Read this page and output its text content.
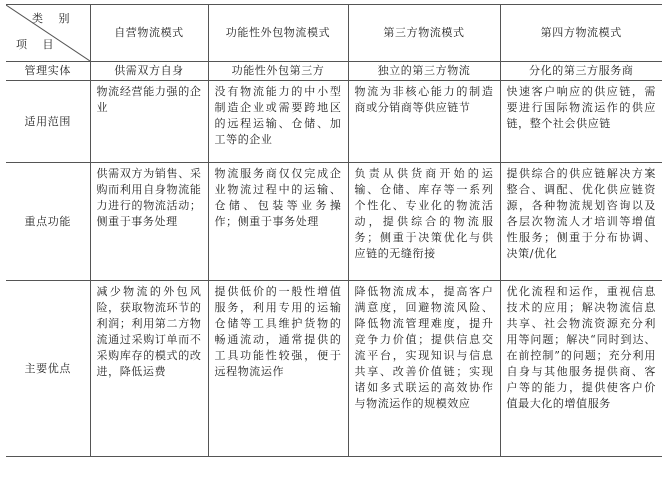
类 别
项 目	自营物流模式	功能性外包物流模式	第三方物流模式	第四方物流模式
管理实体	供需双方自身	功能性外包第三方	独立的第三方物流	分化的第三方服务商
适用范围	物流经营能力强的企业	没有物流能力的中小型制造企业或需要跨地区的远程运输、仓储、加工等的企业	物流为非核心能力的制造商或分销商等供应链节	快速客户响应的供应链，需要进行国际物流运作的供应链，整个社会供应链
重点功能	供需双方为销售、采购而利用自身物流能力进行的物流活动；侧重于事务处理	物流服务商仅仅完成企业物流过程中的运输、仓储、包装等业务操作；侧重于事务处理	负责从供货商开始的运输、仓储、库存等一系列个性化、专业化的物流活动，提供综合的物流服务；侧重于决策优化与供应链的无缝衔接	提供综合的供应链解决方案整合、调配、优化供应链资源，各种物流规划咨询以及各层次物流人才培训等增值性服务；侧重于分布协调、决策/优化
主要优点	减少物流的外包风险，获取物流环节的利润；利用第二方物流通过采购订单而不采购库存的模式的改进，降低运费	提供低价的一般性增值服务，利用专用的运输仓储等工具维护货物的畅通流动，通常提供的工具功能性较强，便于远程物流运作	降低物流成本，提高客户满意度，回避物流风险、降低物流管理难度，提升竞争力价值；提供信息交流平台，实现知识与信息共享、改善价值链；实现诸如多式联运的高效协作与物流运作的规模效应	优化流程和运作，重视信息技术的应用；解决物流信息共享、社会物流资源充分利用等问题；解决“同时到达、在前控制”的问题；充分利用自身与其他服务提供商、客户等的能力，提供使客户价值最大化的增值服务
